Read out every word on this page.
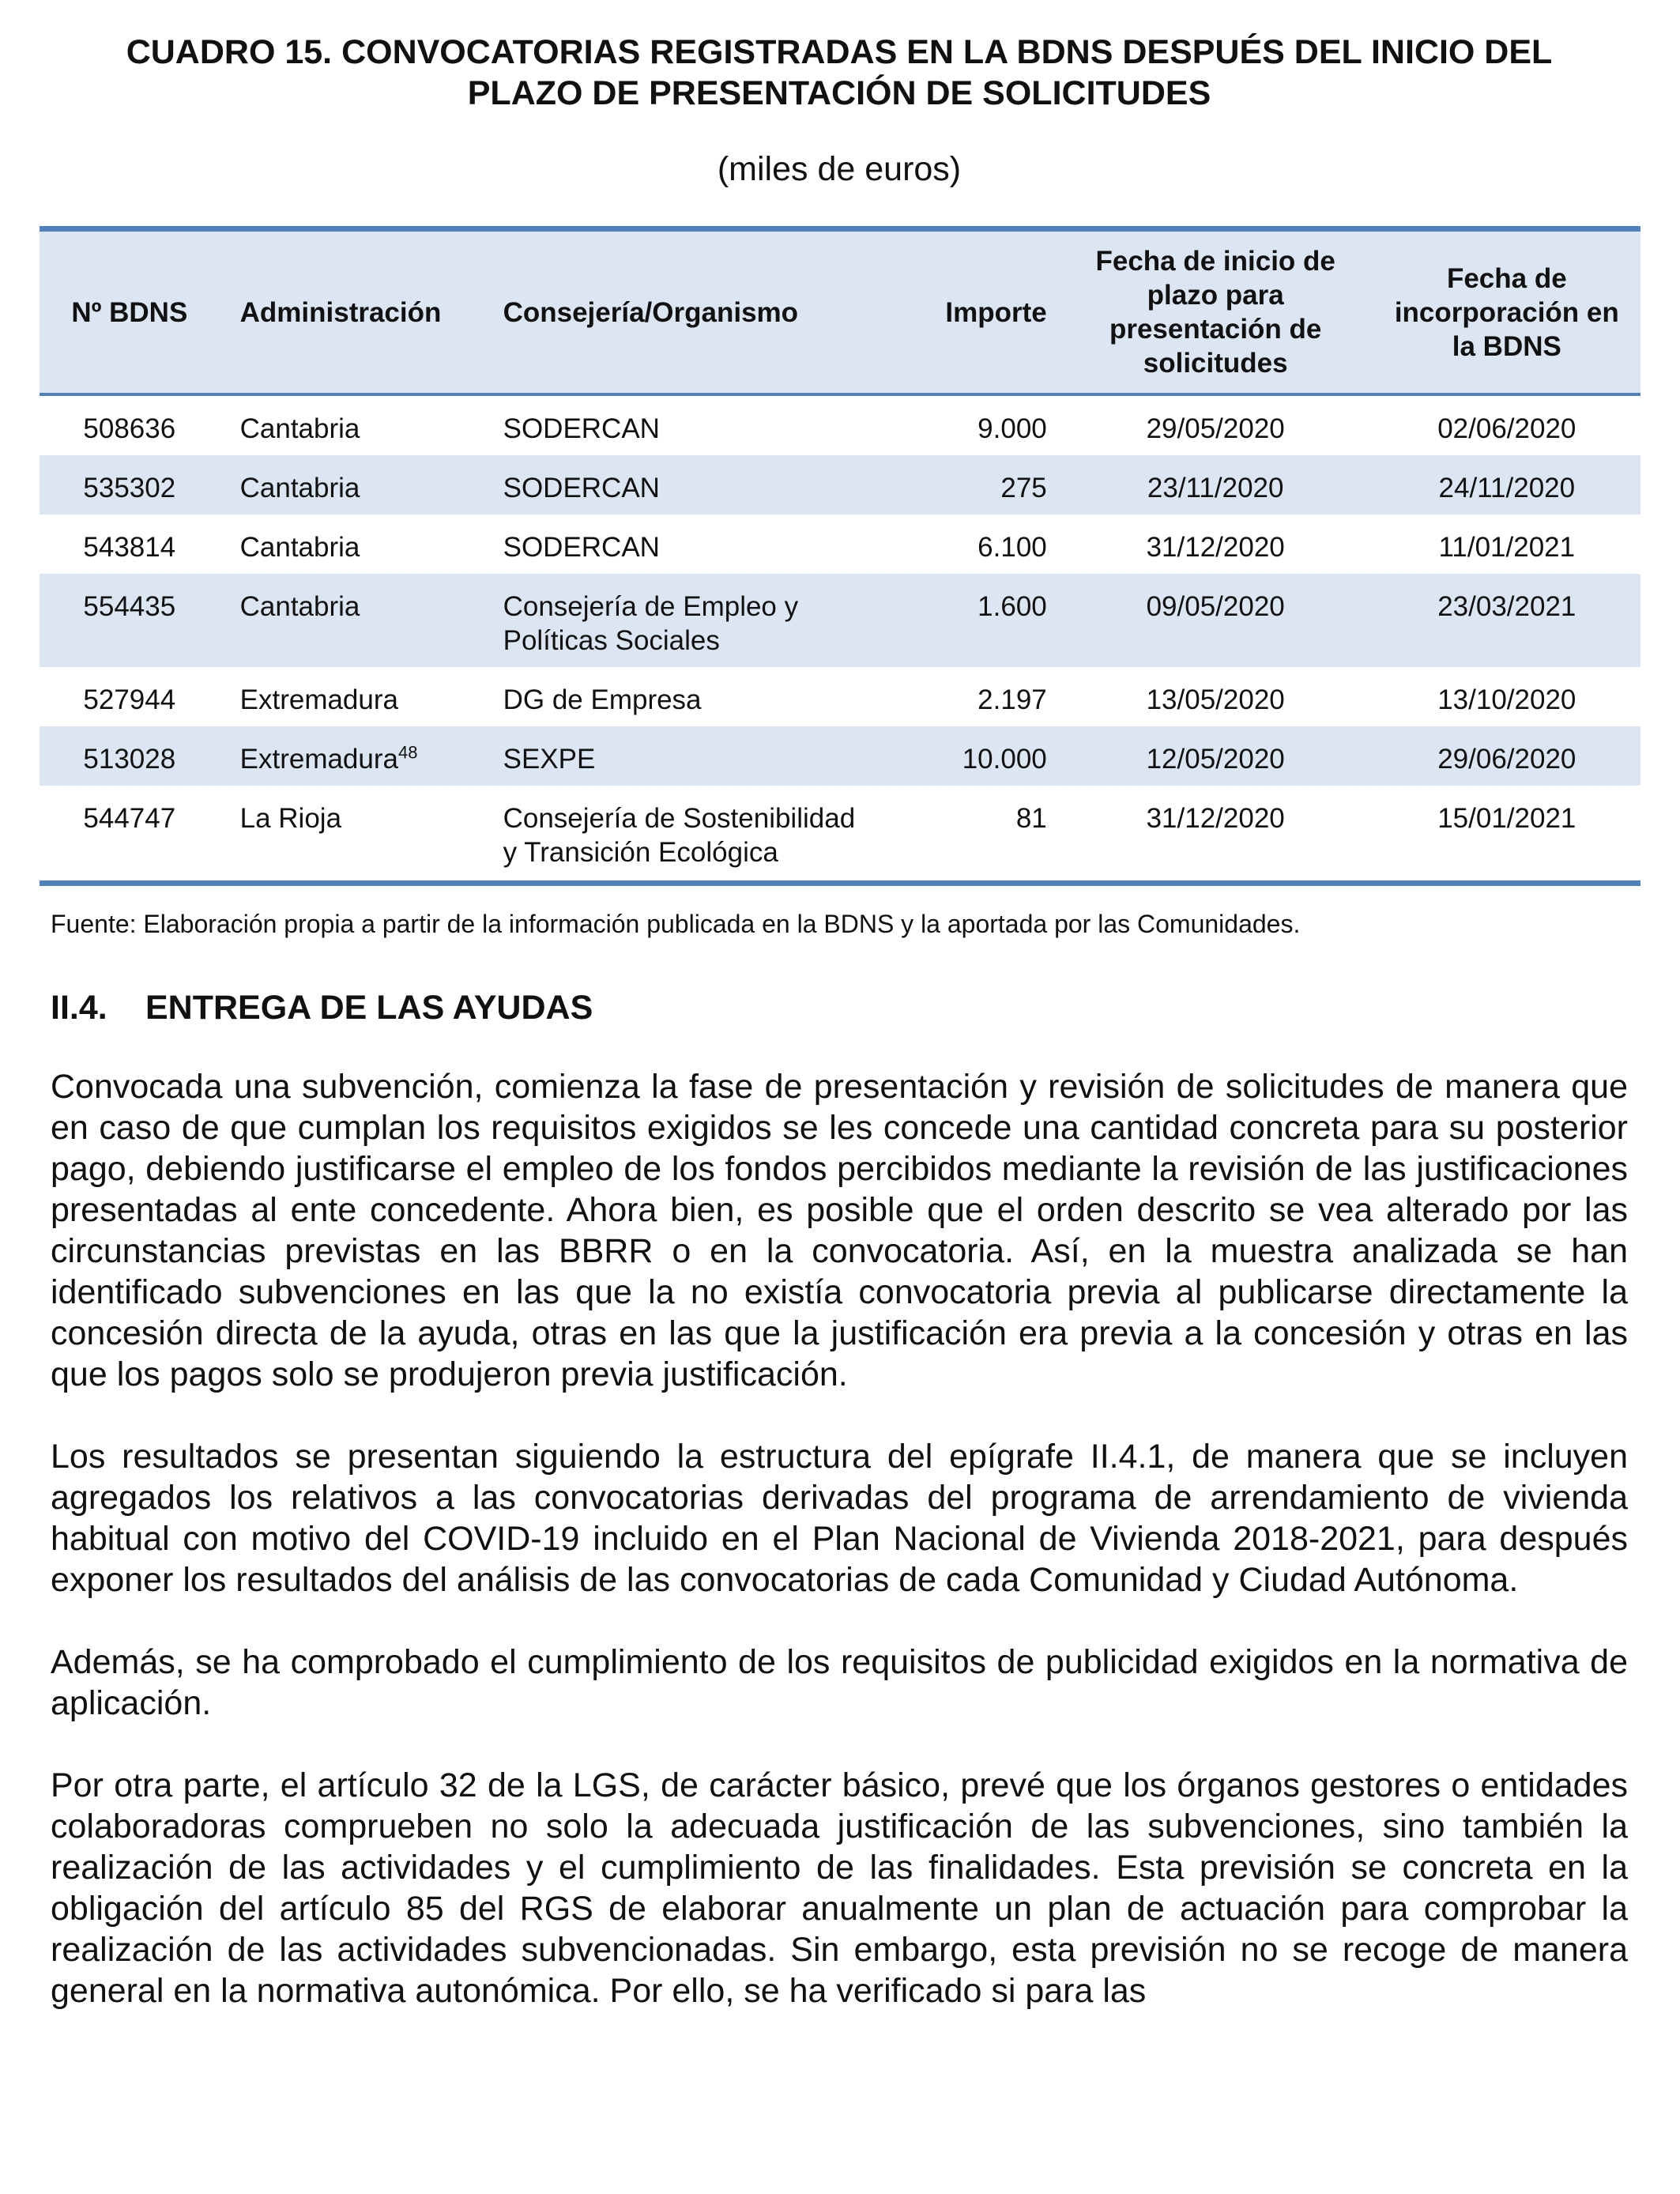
CUADRO 15. CONVOCATORIAS REGISTRADAS EN LA BDNS DESPUÉS DEL INICIO DEL
PLAZO DE PRESENTACIÓN DE SOLICITUDES
(miles de euros)
Nº BDNS	Administración	Consejería/Organismo	Importe	Fecha de inicio de plazo para presentación de solicitudes	Fecha de incorporación en la BDNS
508636	Cantabria	SODERCAN	9.000	29/05/2020	02/06/2020
535302	Cantabria	SODERCAN	275	23/11/2020	24/11/2020
543814	Cantabria	SODERCAN	6.100	31/12/2020	11/01/2021
554435	Cantabria	Consejería de Empleo y Políticas Sociales	1.600	09/05/2020	23/03/2021
527944	Extremadura	DG de Empresa	2.197	13/05/2020	13/10/2020
513028	Extremadura$^{48}$	SEXPE	10.000	12/05/2020	29/06/2020
544747	La Rioja	Consejería de Sostenibilidad y Transición Ecológica	81	31/12/2020	15/01/2021
Fuente: Elaboración propia a partir de la información publicada en la BDNS y la aportada por las Comunidades.
II.4. ENTREGA DE LAS AYUDAS

Convocada una subvención, comienza la fase de presentación y revisión de solicitudes de manera que en caso de que cumplan los requisitos exigidos se les concede una cantidad concreta para su posterior pago, debiendo justificarse el empleo de los fondos percibidos mediante la revisión de las justificaciones presentadas al ente concedente. Ahora bien, es posible que el orden descrito se vea alterado por las circunstancias previstas en las BBRR o en la convocatoria. Así, en la muestra analizada se han identificado subvenciones en las que la no existía convocatoria previa al publicarse directamente la concesión directa de la ayuda, otras en las que la justificación era previa a la concesión y otras en las que los pagos solo se produjeron previa justificación.

Los resultados se presentan siguiendo la estructura del epígrafe II.4.1, de manera que se incluyen agregados los relativos a las convocatorias derivadas del programa de arrendamiento de vivienda habitual con motivo del COVID-19 incluido en el Plan Nacional de Vivienda 2018-2021, para después exponer los resultados del análisis de las convocatorias de cada Comunidad y Ciudad Autónoma.

Además, se ha comprobado el cumplimiento de los requisitos de publicidad exigidos en la normativa de aplicación.

Por otra parte, el artículo 32 de la LGS, de carácter básico, prevé que los órganos gestores o entidades colaboradoras comprueben no solo la adecuada justificación de las subvenciones, sino también la realización de las actividades y el cumplimiento de las finalidades. Esta previsión se concreta en la obligación del artículo 85 del RGS de elaborar anualmente un plan de actuación para comprobar la realización de las actividades subvencionadas. Sin embargo, esta previsión no se recoge de manera general en la normativa autonómica. Por ello, se ha verificado si para las
